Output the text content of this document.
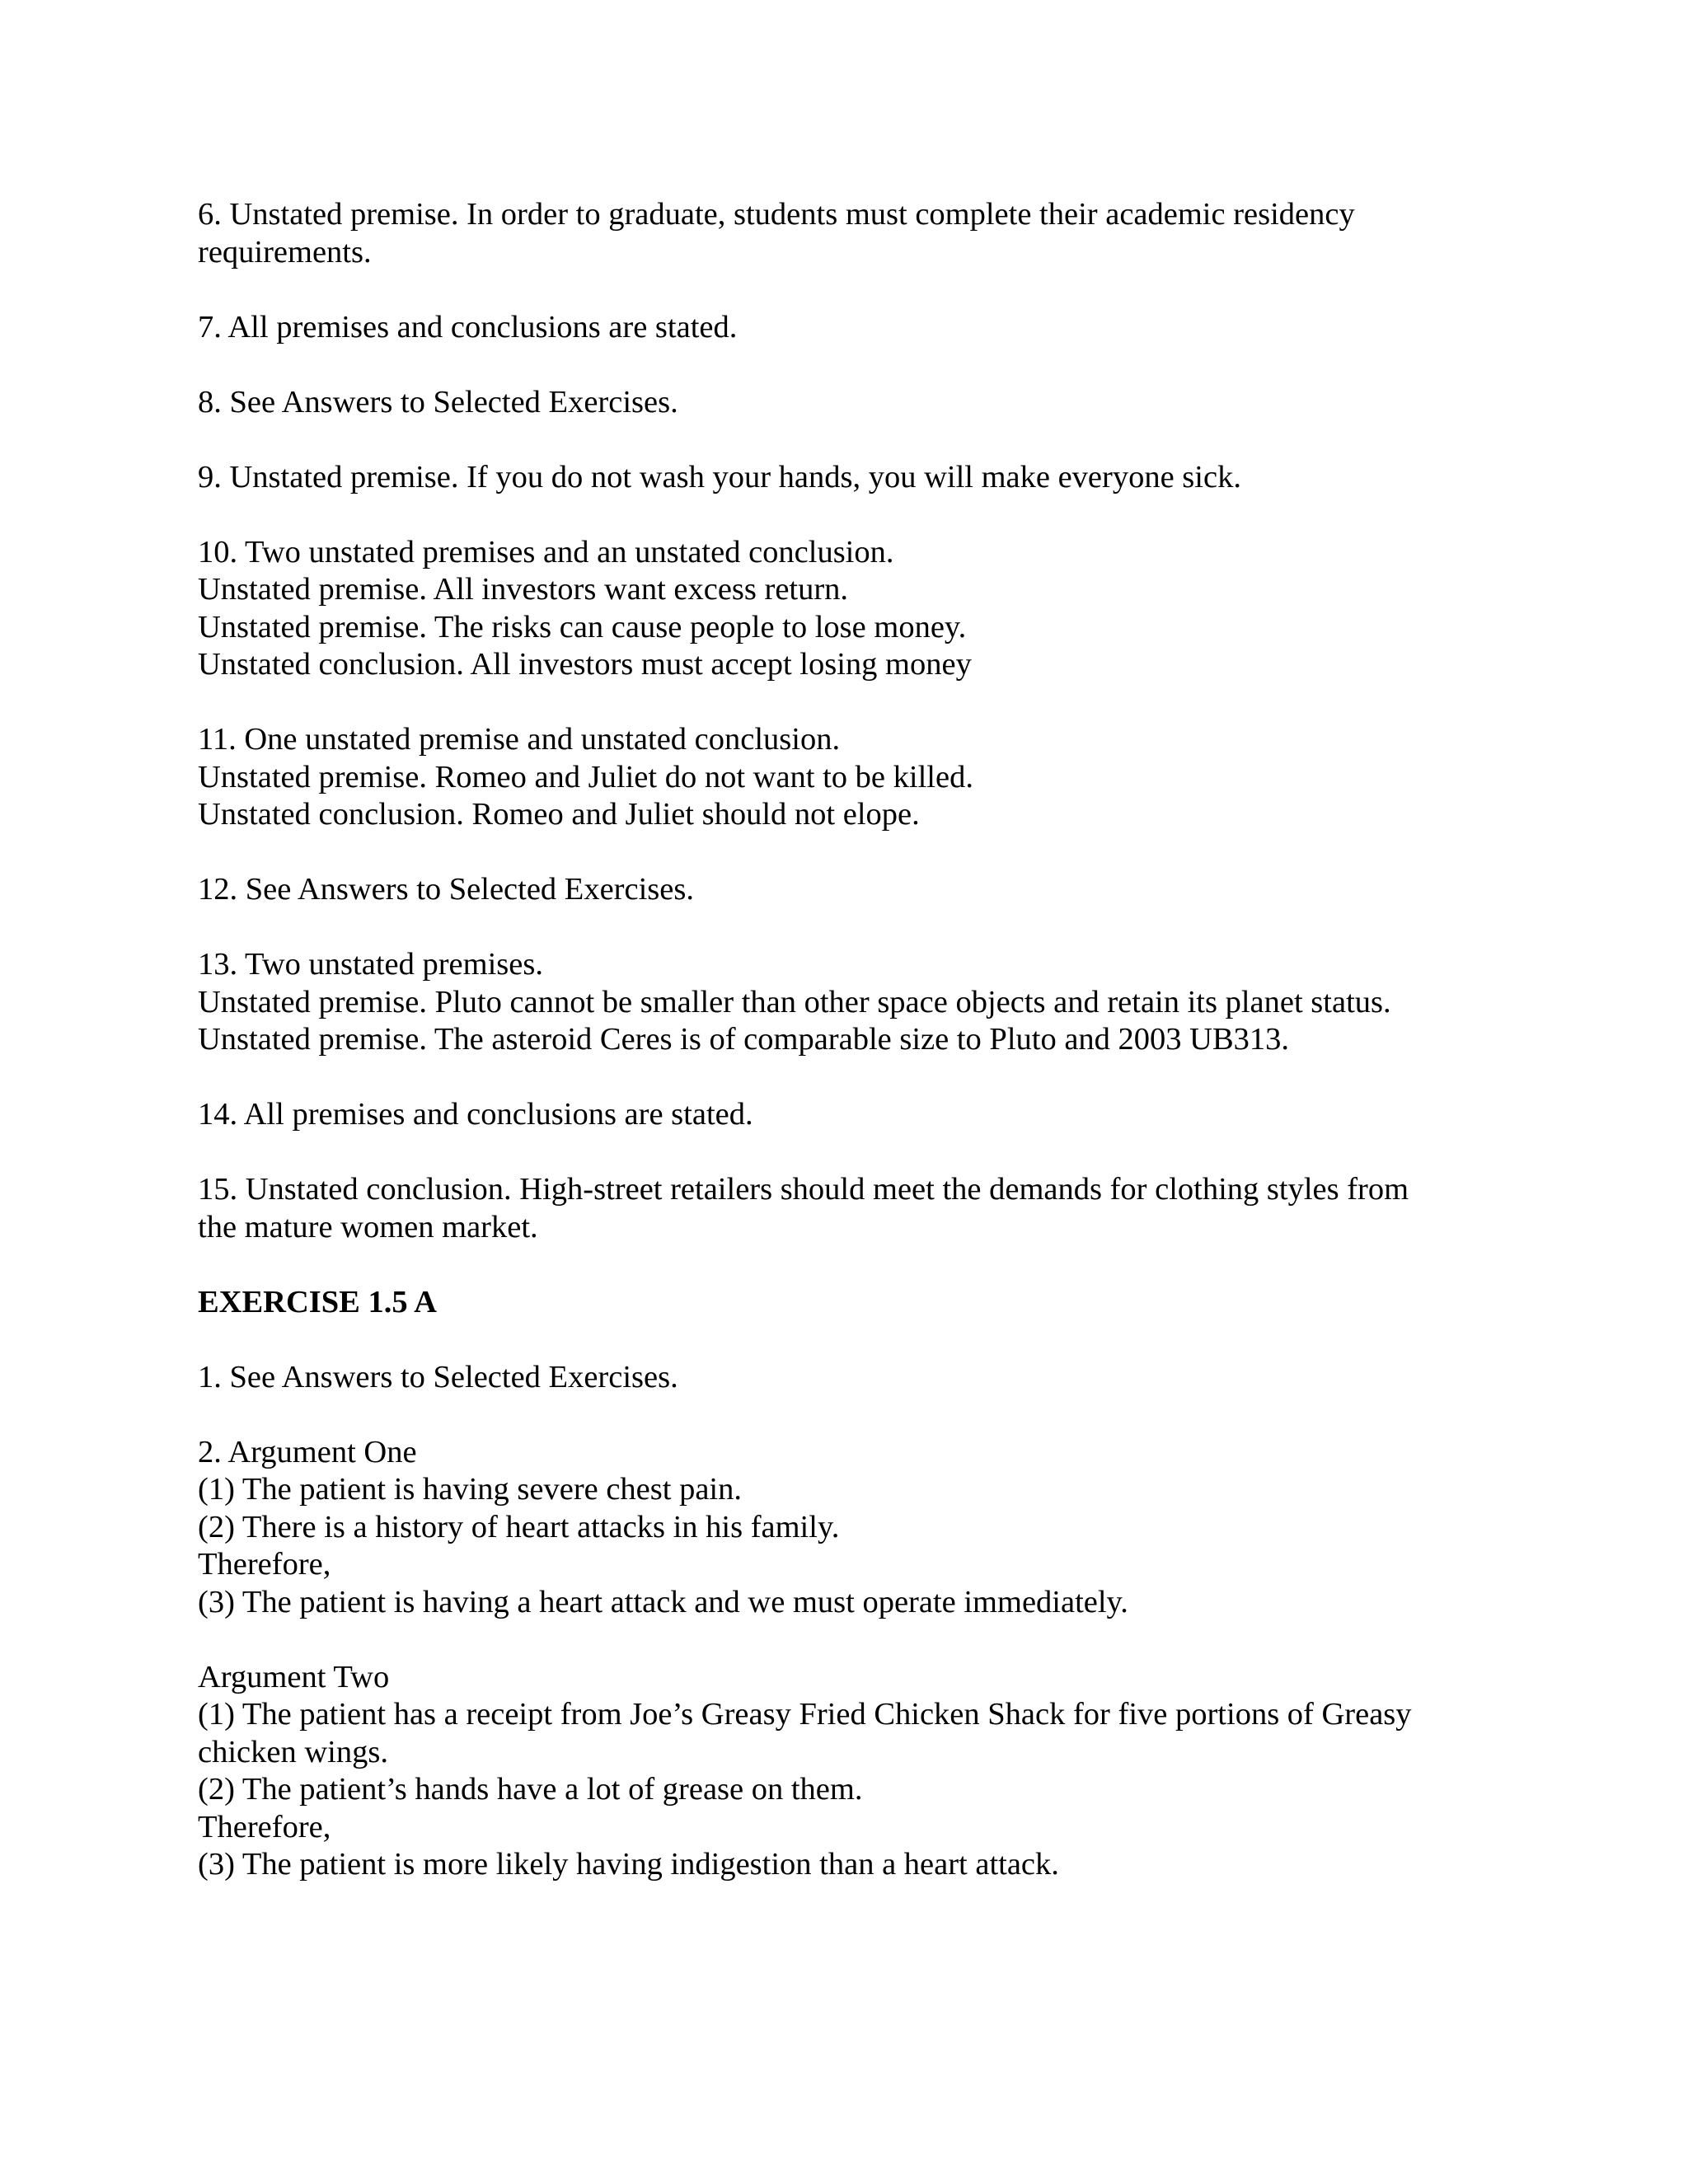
6. Unstated premise. In order to graduate, students must complete their academic residency
requirements.
7. All premises and conclusions are stated.
8. See Answers to Selected Exercises.
9. Unstated premise. If you do not wash your hands, you will make everyone sick.
10. Two unstated premises and an unstated conclusion.
Unstated premise. All investors want excess return.
Unstated premise. The risks can cause people to lose money.
Unstated conclusion. All investors must accept losing money
11. One unstated premise and unstated conclusion.
Unstated premise. Romeo and Juliet do not want to be killed.
Unstated conclusion. Romeo and Juliet should not elope.
12. See Answers to Selected Exercises.
13. Two unstated premises.
Unstated premise. Pluto cannot be smaller than other space objects and retain its planet status.
Unstated premise. The asteroid Ceres is of comparable size to Pluto and 2003 UB313.
14. All premises and conclusions are stated.
15. Unstated conclusion. High-street retailers should meet the demands for clothing styles from
the mature women market.
EXERCISE 1.5 A
1. See Answers to Selected Exercises.
2. Argument One
(1) The patient is having severe chest pain.
(2) There is a history of heart attacks in his family.
Therefore,
(3) The patient is having a heart attack and we must operate immediately.
Argument Two
(1) The patient has a receipt from Joe’s Greasy Fried Chicken Shack for five portions of Greasy
chicken wings.
(2) The patient’s hands have a lot of grease on them.
Therefore,
(3) The patient is more likely having indigestion than a heart attack.
